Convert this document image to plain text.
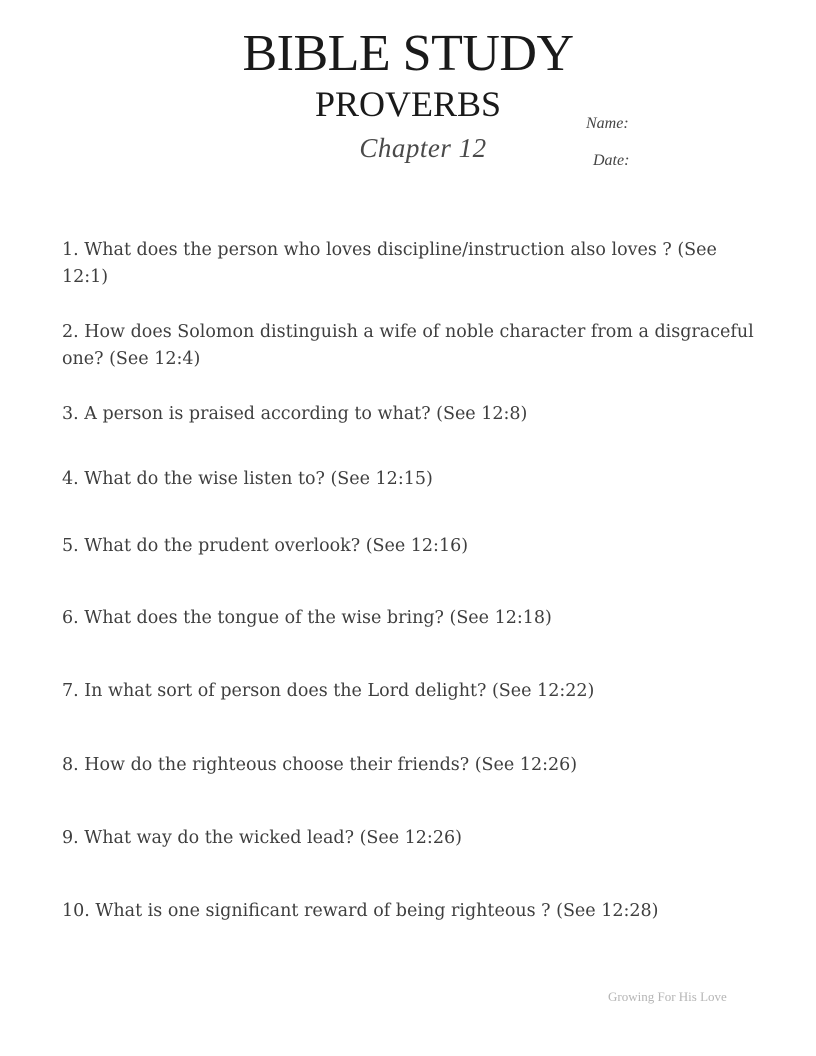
BIBLE STUDY
PROVERBS
Chapter 12
Name:
Date:
1. What does the person who loves discipline/instruction also loves ? (See 12:1)
2. How does Solomon distinguish a wife of noble character from a disgraceful one? (See 12:4)
3. A person is praised according to what? (See 12:8)
4. What do the wise listen to? (See 12:15)
5. What do the prudent overlook? (See 12:16)
6. What does the tongue of the wise bring? (See 12:18)
7. In what sort of person does the Lord delight? (See 12:22)
8. How do the righteous choose their friends? (See 12:26)
9. What way do the wicked lead? (See 12:26)
10. What is one significant reward of being righteous ? (See 12:28)
Growing For His Love
